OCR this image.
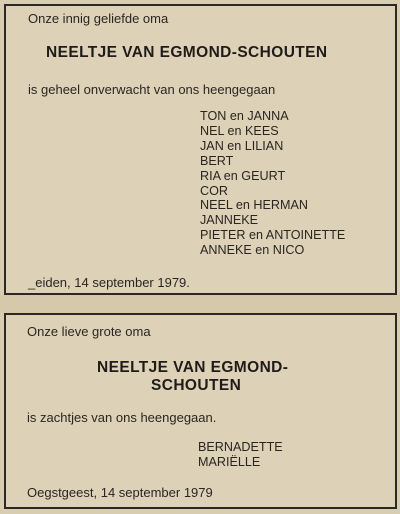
Onze innig geliefde oma
NEELTJE VAN EGMOND-SCHOUTEN
is geheel onverwacht van ons heengegaan
TON en JANNA
NEL en KEES
JAN en LILIAN
BERT
RIA en GEURT
COR
NEEL en HERMAN
JANNEKE
PIETER en ANTOINETTE
ANNEKE en NICO
_eiden, 14 september 1979.
Onze lieve grote oma
NEELTJE VAN EGMOND-
SCHOUTEN
is zachtjes van ons heengegaan.
BERNADETTE
MARIËLLE
Oegstgeest, 14 september 1979
